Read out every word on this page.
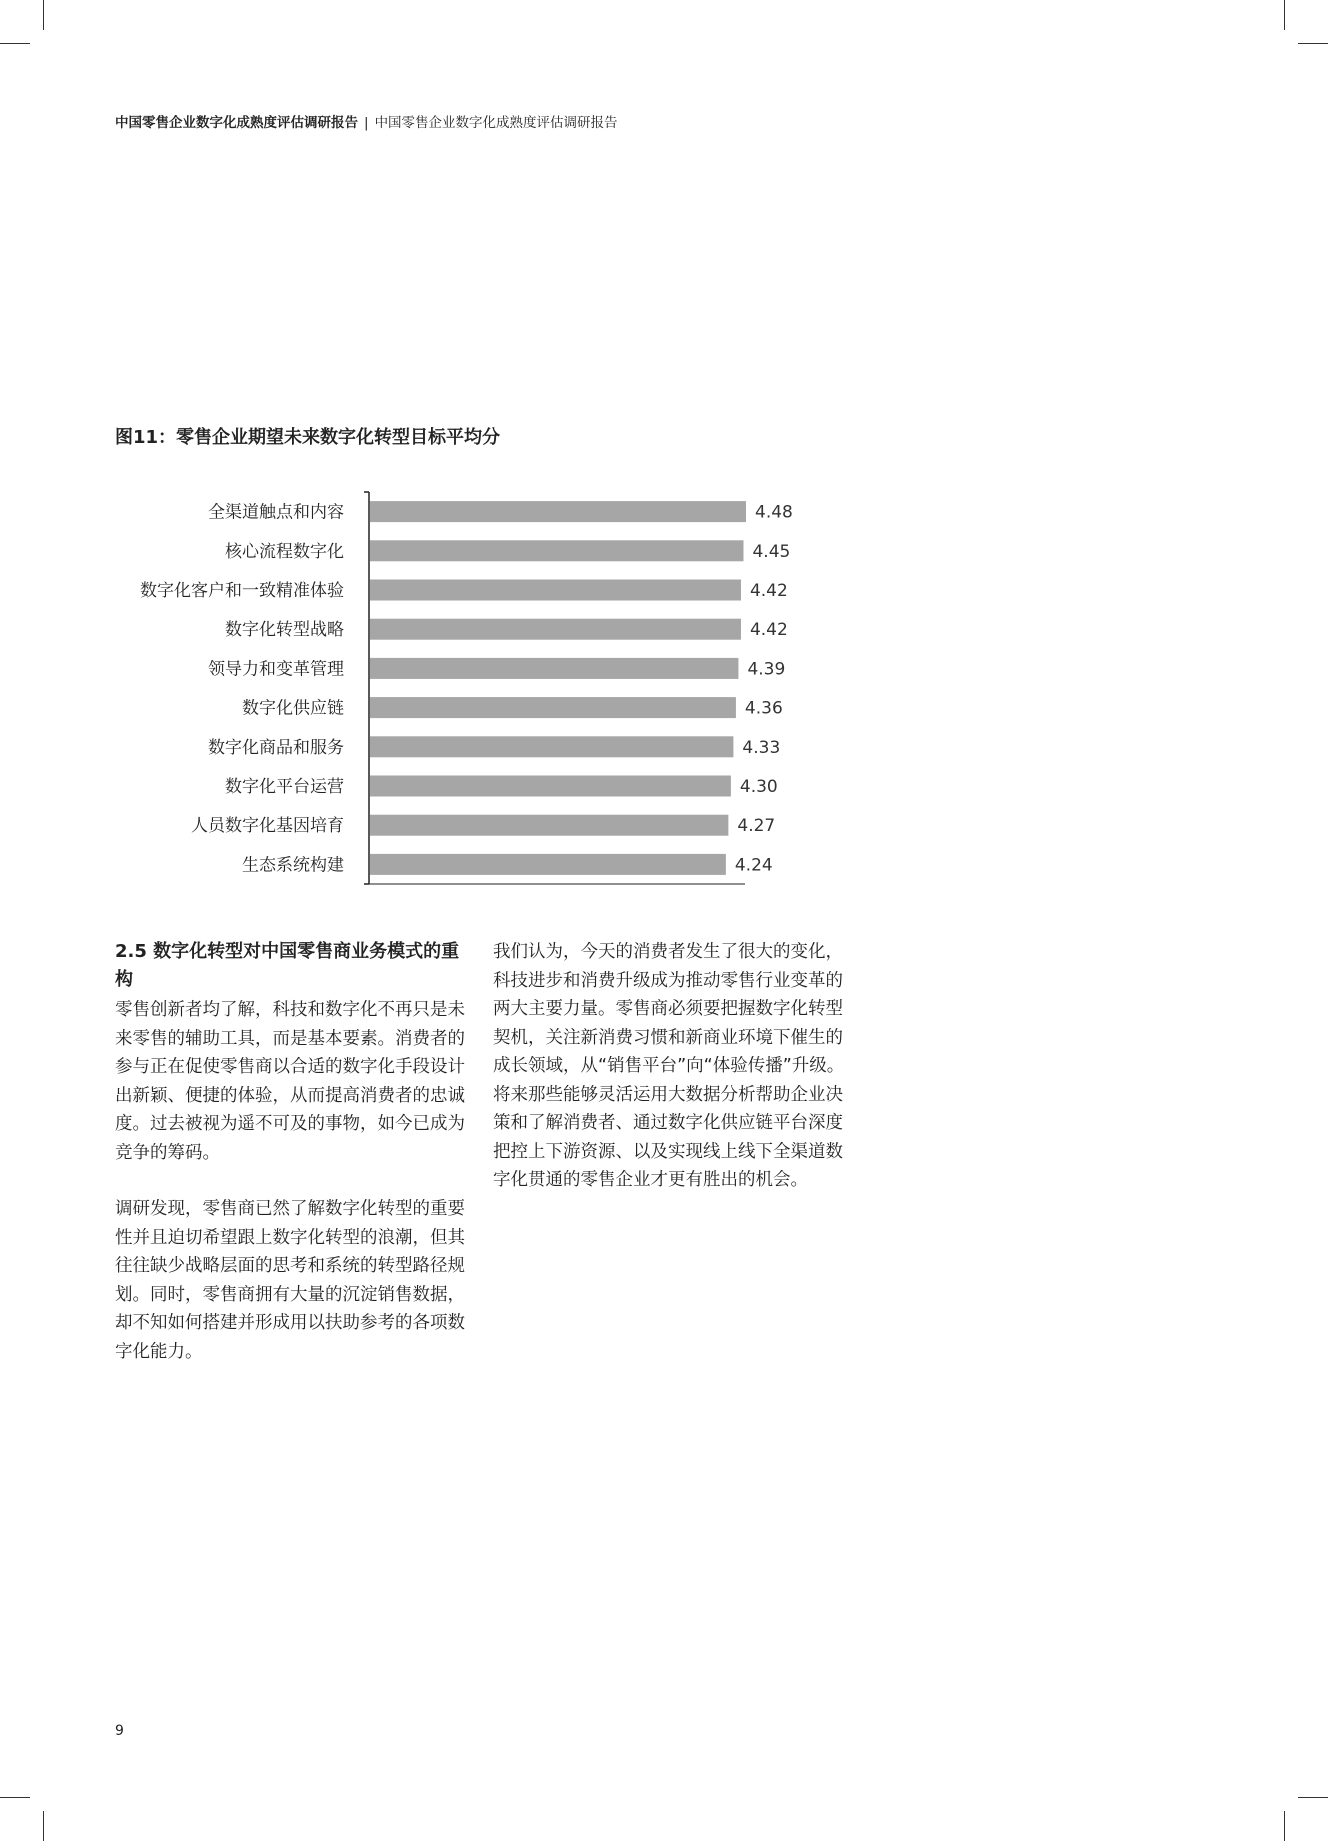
中国零售企业数字化成熟度评估调研报告 | 中国零售企业数字化成熟度评估调研报告
图11：零售企业期望未来数字化转型目标平均分
全渠道触点和内容	4.48
核心流程数字化	4.45
数字化客户和一致精准体验	4.42
数字化转型战略	4.42
领导力和变革管理	4.39
数字化供应链	4.36
数字化商品和服务	4.33
数字化平台运营	4.30
人员数字化基因培育	4.27
生态系统构建	4.24
2.5 数字化转型对中国零售商业务模式的重构

零售创新者均了解，科技和数字化不再只是未来零售的辅助工具，而是基本要素。消费者的参与正在促使零售商以合适的数字化手段设计出新颖、便捷的体验，从而提高消费者的忠诚度。过去被视为遥不可及的事物，如今已成为竞争的筹码。

调研发现，零售商已然了解数字化转型的重要性并且迫切希望跟上数字化转型的浪潮，但其往往缺少战略层面的思考和系统的转型路径规划。同时，零售商拥有大量的沉淀销售数据，却不知如何搭建并形成用以扶助参考的各项数字化能力。

我们认为，今天的消费者发生了很大的变化，科技进步和消费升级成为推动零售行业变革的两大主要力量。零售商必须要把握数字化转型契机，关注新消费习惯和新商业环境下催生的成长领域，从“销售平台”向“体验传播”升级。将来那些能够灵活运用大数据分析帮助企业决策和了解消费者、通过数字化供应链平台深度把控上下游资源、以及实现线上线下全渠道数字化贯通的零售企业才更有胜出的机会。

9
